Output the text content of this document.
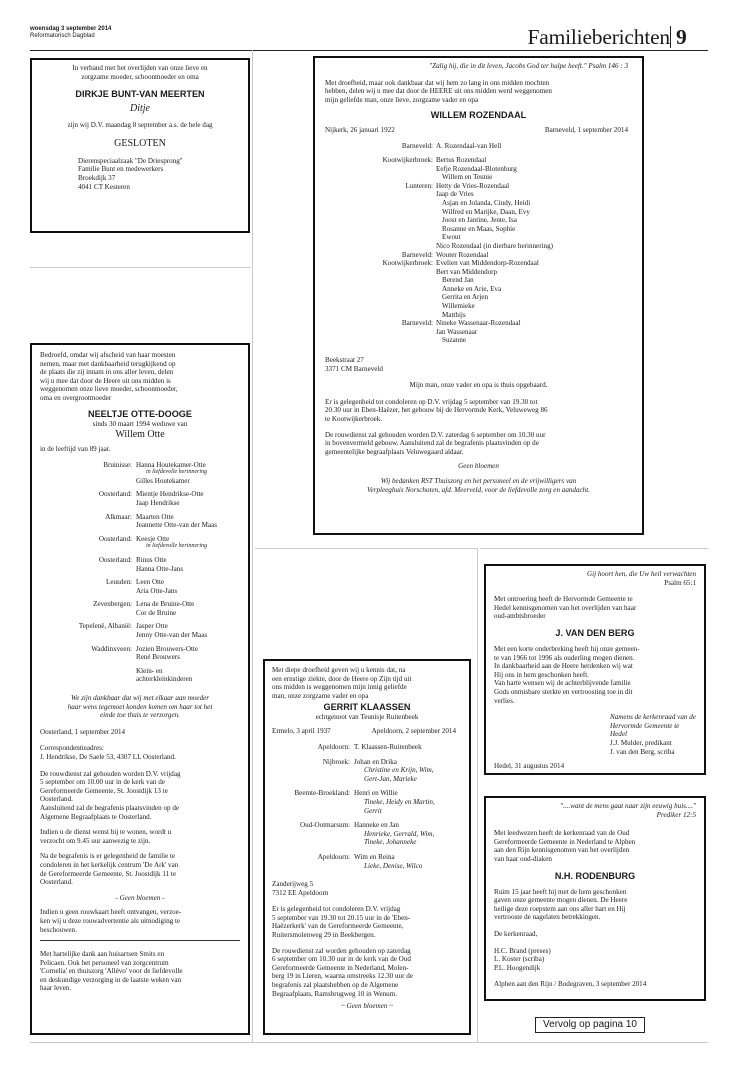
woensdag 3 september 2014
Reformatorisch Dagblad	Familieberichten 9
In verband met het overlijden van onze lieve en
zorgzame moeder, schoonmoeder en oma
DIRKJE BUNT-VAN MEERTEN
Ditje
zijn wij D.V. maandag 8 september a.s. de hele dag
GESLOTEN
Dierenspeciaalzaak "De Driesprong"
Familie Bunt en medewerkers
Broekdijk 37
4041 CT Kesteren
"Zalig hij, die in dit leven, Jacobs God ter hulpe heeft." Psalm 146 : 3
Met droefheid, maar ook dankbaar dat wij hem zo lang in ons midden mochten
hebben, delen wij u mee dat door de HEERE uit ons midden werd weggenomen
mijn geliefde man, onze lieve, zorgzame vader en opa
WILLEM ROZENDAAL
Nijkerk, 26 januari 1922	Barneveld, 1 september 2014
Barneveld: A. Rozendaal-van Hell
Kootwijkerbroek: Bertus Rozendaal
Eefje Rozendaal-Blotenburg
Willem en Teunie
Lunteren: Hetty de Vries-Rozendaal
Jaap de Vries
Asjan en Jolanda, Cindy, Heidi
Wilfred en Marijke, Daan, Evy
Joost en Jantine, Jente, Isa
Rosanne en Maas, Sophie
Ewout
Nico Rozendaal (in dierbare herinnering)
Barneveld: Wouter Rozendaal
Kootwijkerbroek: Evelien van Middendorp-Rozendaal
Bert van Middendorp
Berend Jan
Anneke en Arie, Eva
Gerrita en Arjen
Willemieke
Matthijs
Barneveld: Nineke Wassenaar-Rozendaal
Jan Wassenaar
Suzanne
Beekstraat 27
3371 CM Barneveld
Mijn man, onze vader en opa is thuis opgebaard.
Er is gelegenheid tot condoleren op D.V. vrijdag 5 september van 19.30 tot
20.30 uur in Eben-Haëzer, het gebouw bij de Hervormde Kerk, Veluweweg 86
te Kootwijkerbroek.
De rouwdienst zal gehouden worden D.V. zaterdag 6 september om 10.30 uur
in bovenvermeld gebouw. Aansluitend zal de begrafenis plaatsvinden op de
gemeentelijke begraafplaats Veluwegaard aldaar.
Geen bloemen
Wij bedanken RST Thuiszorg en het personeel en de vrijwilligers van
Verpleeghuis Norschoten, afd. Meerveld, voor de liefdevolle zorg en aandacht.
Bedroefd, omdat wij afscheid van haar moesten
nemen, maar met dankbaarheid terugkijkend op
de plaats die zij innam in ons aller leven, delen
wij u mee dat door de Heere uit ons midden is
weggenomen onze lieve moeder, schoonmoeder,
oma en overgrootmoeder
NEELTJE OTTE-DOOGE
sinds 30 maart 1994 weduwe van
Willem Otte
in de leeftijd van 89 jaar.
Bruinisse: Hanna Houtekamer-Otte
in liefdevolle herinnering
Gilles Houtekamer
Oosterland: Mientje Hendrikse-Otte
Jaap Hendrikse
Alkmaar: Maarten Otte
Jeannette Otte-van der Maas
Oosterland: Keesje Otte
in liefdevolle herinnering
Oosterland: Rinus Otte
Hanna Otte-Jans
Leusden: Leen Otte
Aria Otte-Jans
Zevenbergen: Lena de Bruine-Otte
Cor de Bruine
Tepelenë, Albanië: Jasper Otte
Jenny Otte-van der Maas
Waddinxveen: Jozien Brouwers-Otte
René Brouwers
Klein- en
achterkleinkinderen
We zijn dankbaar dat wij met elkaar aan moeder
haar wens tegemoet konden komen om haar tot het
einde toe thuis te verzorgen.
Oosterland, 1 september 2014
Correspondentieadres:
J. Hendrikse, De Saele 53, 4307 LL Oosterland.
De rouwdienst zal gehouden worden D.V. vrijdag
5 september om 10.00 uur in de kerk van de
Gereformeerde Gemeente, St. Joostdijk 13 te
Oosterland.
Aansluitend zal de begrafenis plaatsvinden op de
Algemene Begraafplaats te Oosterland.
Indien u de dienst wenst bij te wonen, wordt u
verzocht om 9.45 uur aanwezig te zijn.
Na de begrafenis is er gelegenheid de familie te
condoleren in het kerkelijk centrum 'De Ark' van
de Gereformeerde Gemeente, St. Joostdijk 11 te
Oosterland.
- Geen bloemen -
Indien u geen rouwkaart heeft ontvangen, verzoe-
ken wij u deze rouwadvertentie als uitnodiging te
beschouwen.
Met hartelijke dank aan huisartsen Smits en
Pelicaen. Ook het personeel van zorgcentrum
'Cornelia' en thuiszorg 'Allévo' voor de liefdevolle
en deskundige verzorging in de laatste weken van
haar leven.
Met diepe droefheid geven wij u kennis dat, na
een ernstige ziekte, door de Heere op Zijn tijd uit
ons midden is weggenomen mijn innig geliefde
man, onze zorgzame vader en opa
GERRIT KLAASSEN
echtgenoot van Teunisje Ruitenbeek
Ermelo, 3 april 1937	Apeldoorn, 2 september 2014
Apeldoorn: T. Klaassen-Ruitenbeek
Nijbroek: Johan en Drika
Christine en Krijn, Wim,
Gert-Jan, Marieke
Beemte-Broekland: Henri en Willie
Tineke, Heidy en Martin,
Gerrit
Oud-Ootmarsum: Hanneke en Jan
Henrieke, Gerrald, Wim,
Tineke, Johanneke
Apeldoorn: Wim en Reina
Lieke, Denise, Wilco
Zanderijweg 5
7312 EE Apeldoorn
Er is gelegenheid tot condoleren D.V. vrijdag
5 september van 19.30 tot 20.15 uur in de 'Eben-
Haëzerkerk' van de Gereformeerde Gemeente,
Ruitersmolenweg 29 in Beekbergen.
De rouwdienst zal worden gehouden op zaterdag
6 september om 10.30 uur in de kerk van de Oud
Gereformeerde Gemeente in Nederland, Molen-
berg 19 in Lieren, waarna omstreeks 12.30 uur de
begrafenis zal plaatshebben op de Algemene
Begraafplaats, Ramsbrugweg 10 in Wenum.
~ Geen bloemen ~
Gij hoort hen, die Uw heil verwachten
Psalm 65:1
Met ontroering heeft de Hervormde Gemeente te
Hedel kennisgenomen van het overlijden van haar
oud-ambtsbroeder
J. VAN DEN BERG
Met een korte onderbreking heeft hij onze gemeen-
te van 1966 tot 1996 als ouderling mogen dienen.
In dankbaarheid aan de Heere herdenken wij wat
Hij ons in hem geschonken heeft.
Van harte wensen wij de achterblijvende familie
Gods onmisbare sterkte en vertroosting toe in dit
verlies.
Namens de kerkenraad van de
Hervormde Gemeente te Hedel
J.J. Mulder, predikant
J. van den Berg, scriba
Hedel, 31 augustus 2014
"....want de mens gaat naar zijn eeuwig huis...."
Prediker 12:5
Met leedwezen heeft de kerkenraad van de Oud
Gereformeerde Gemeente in Nederland te Alphen
aan den Rijn kennisgenomen van het overlijden
van haar oud-diaken
N.H. RODENBURG
Ruim 15 jaar heeft hij met de hem geschonken
gaven onze gemeente mogen dienen. De Heere
heilige deze roepstem aan ons aller hart en Hij
vertrooste de nagelaten betrekkingen.
De kerkenraad,
H.C. Brand (preses)
L. Koster (scriba)
P.L. Hoogendijk
Alphen aan den Rijn / Bodegraven, 3 september 2014
Vervolg op pagina 10
